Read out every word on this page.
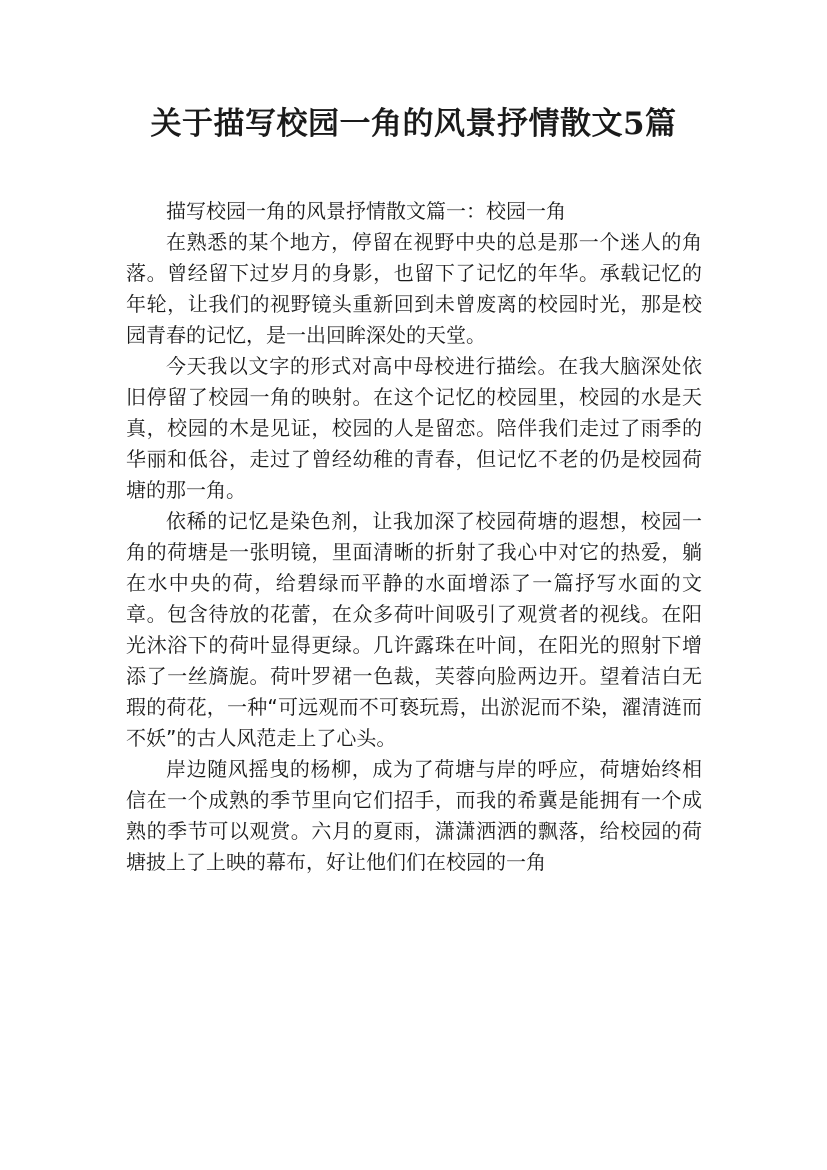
关于描写校园一角的风景抒情散文5篇

描写校园一角的风景抒情散文篇一：校园一角

在熟悉的某个地方，停留在视野中央的总是那一个迷人的角落。曾经留下过岁月的身影，也留下了记忆的年华。承载记忆的年轮，让我们的视野镜头重新回到未曾废离的校园时光，那是校园青春的记忆，是一出回眸深处的天堂。

今天我以文字的形式对高中母校进行描绘。在我大脑深处依旧停留了校园一角的映射。在这个记忆的校园里，校园的水是天真，校园的木是见证，校园的人是留恋。陪伴我们走过了雨季的华丽和低谷，走过了曾经幼稚的青春，但记忆不老的仍是校园荷塘的那一角。

依稀的记忆是染色剂，让我加深了校园荷塘的遐想，校园一角的荷塘是一张明镜，里面清晰的折射了我心中对它的热爱，躺在水中央的荷，给碧绿而平静的水面增添了一篇抒写水面的文章。包含待放的花蕾，在众多荷叶间吸引了观赏者的视线。在阳光沐浴下的荷叶显得更绿。几许露珠在叶间，在阳光的照射下增添了一丝旖旎。荷叶罗裙一色裁，芙蓉向脸两边开。望着洁白无瑕的荷花，一种“可远观而不可亵玩焉，出淤泥而不染，濯清涟而不妖”的古人风范走上了心头。

岸边随风摇曳的杨柳，成为了荷塘与岸的呼应，荷塘始终相信在一个成熟的季节里向它们招手，而我的希冀是能拥有一个成熟的季节可以观赏。六月的夏雨，潇潇洒洒的飘落，给校园的荷塘披上了上映的幕布，好让他们们在校园的一角
